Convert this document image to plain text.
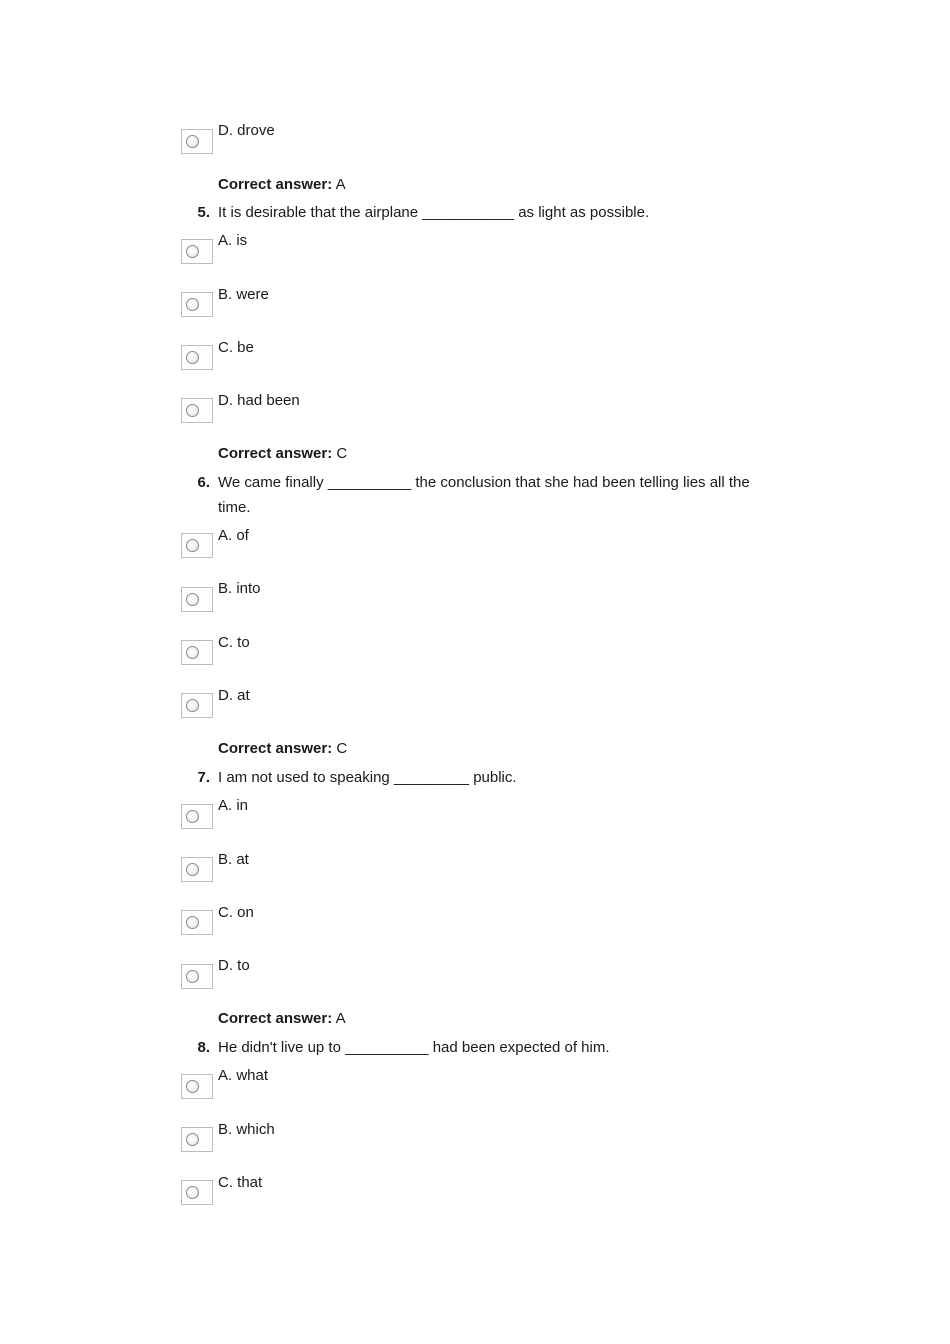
D. drove
Correct answer: A
5. It is desirable that the airplane ___________ as light as possible.
A. is
B. were
C. be
D. had been
Correct answer: C
6. We came finally __________ the conclusion that she had been telling lies all the time.
A. of
B. into
C. to
D. at
Correct answer: C
7. I am not used to speaking _________ public.
A. in
B. at
C. on
D. to
Correct answer: A
8. He didn't live up to __________ had been expected of him.
A. what
B. which
C. that
